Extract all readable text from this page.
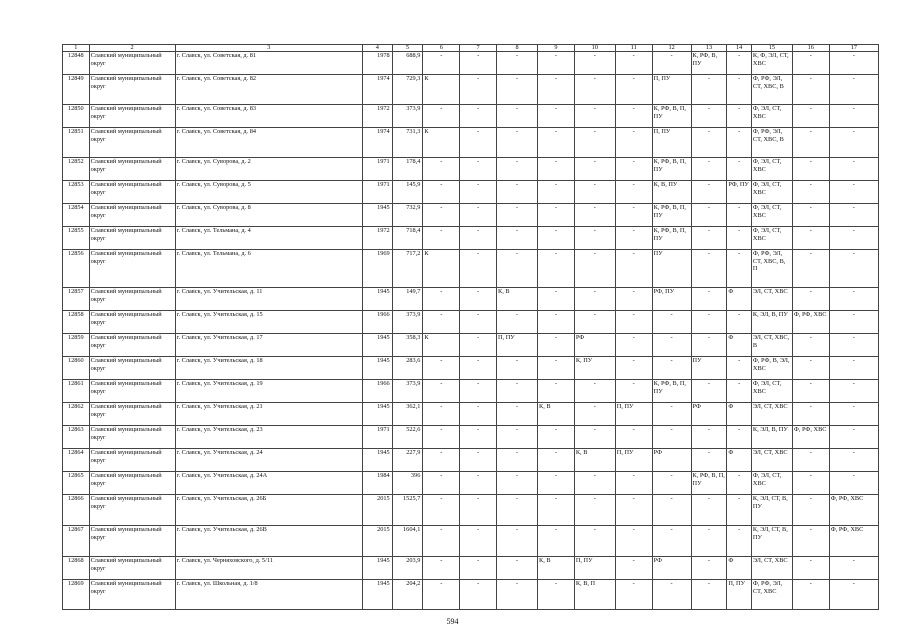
1	2	3	4	5	6	7	8	9	10	11	12	13	14	15	16	17
12848	Славский муниципальный округ	г. Славск, ул. Советская, д. 81	1978	688,9	-	-	-	-	-	-	-	К, РФ, В, ПУ	-	К, Ф, ЭЛ, СТ, ХВС	-	-
12849	Славский муниципальный округ	г. Славск, ул. Советская, д. 82	1974	729,3	К	-	-	-	-	-	П, ПУ	-	-	Ф, РФ, ЭЛ, СТ, ХВС, В	-	-
12850	Славский муниципальный округ	г. Славск, ул. Советская, д. 83	1972	373,9	-	-	-	-	-	-	К, РФ, В, П, ПУ	-	-	Ф, ЭЛ, СТ, ХВС	-	-
12851	Славский муниципальный округ	г. Славск, ул. Советская, д. 84	1974	731,3	К	-	-	-	-	-	П, ПУ	-	-	Ф, РФ, ЭЛ, СТ, ХВС, В	-	-
12852	Славский муниципальный округ	г. Славск, ул. Суворова, д. 2	1971	178,4	-	-	-	-	-	-	К, РФ, В, П, ПУ	-	-	Ф, ЭЛ, СТ, ХВС	-	-
12853	Славский муниципальный округ	г. Славск, ул. Суворова, д. 5	1971	145,9	-	-	-	-	-	-	К, В, ПУ	-	РФ, ПУ	Ф, ЭЛ, СТ, ХВС	-	-
12854	Славский муниципальный округ	г. Славск, ул. Суворова, д. 8	1945	732,9	-	-	-	-	-	-	К, РФ, В, П, ПУ	-	-	Ф, ЭЛ, СТ, ХВС	-	-
12855	Славский муниципальный округ	г. Славск, ул. Тельмана, д. 4	1972	718,4	-	-	-	-	-	-	К, РФ, В, П, ПУ	-	-	Ф, ЭЛ, СТ, ХВС	-	-
12856	Славский муниципальный округ	г. Славск, ул. Тельмана, д. 6	1969	717,2	К	-	-	-	-	-	ПУ	-	-	Ф, РФ, ЭЛ, СТ, ХВС, В, П	-	-
12857	Славский муниципальный округ	г. Славск, ул. Учительская, д. 11	1945	149,7	-	-	К, В	-	-	-	РФ, ПУ	-	Ф	ЭЛ, СТ, ХВС	-	-
12858	Славский муниципальный округ	г. Славск, ул. Учительская, д. 15	1966	373,9	-	-	-	-	-	-	-	-	-	К, ЭЛ, В, ПУ	Ф, РФ, ХВС	-
12859	Славский муниципальный округ	г. Славск, ул. Учительская, д. 17	1945	358,3	К	-	П, ПУ	-	РФ	-	-	-	Ф	ЭЛ, СТ, ХВС, В	-	-
12860	Славский муниципальный округ	г. Славск, ул. Учительская, д. 18	1945	283,6	-	-	-	-	К, ПУ	-	-	ПУ	-	Ф, РФ, В, ЭЛ, ХВС	-	-
12861	Славский муниципальный округ	г. Славск, ул. Учительская, д. 19	1966	373,9	-	-	-	-	-	-	К, РФ, В, П, ПУ	-	-	Ф, ЭЛ, СТ, ХВС	-	-
12862	Славский муниципальный округ	г. Славск, ул. Учительская, д. 21	1945	362,1	-	-	-	К, В	-	П, ПУ	-	РФ	Ф	ЭЛ, СТ, ХВС	-	-
12863	Славский муниципальный округ	г. Славск, ул. Учительская, д. 23	1971	522,6	-	-	-	-	-	-	-	-	-	К, ЭЛ, В, ПУ	Ф, РФ, ХВС	-
12864	Славский муниципальный округ	г. Славск, ул. Учительская, д. 24	1945	227,9	-	-	-	-	К, В	П, ПУ	РФ	-	Ф	ЭЛ, СТ, ХВС	-	-
12865	Славский муниципальный округ	г. Славск, ул. Учительская, д. 24А	1984	396	-	-	-	-	-	-	-	К, РФ, В, П, ПУ	-	Ф, ЭЛ, СТ, ХВС	-	-
12866	Славский муниципальный округ	г. Славск, ул. Учительская, д. 26Б	2015	1525,7	-	-	-	-	-	-	-	-	-	К, ЭЛ, СТ, В, ПУ	-	Ф, РФ, ХВС
12867	Славский муниципальный округ	г. Славск, ул. Учительская, д. 26В	2015	1604,1	-	-	-	-	-	-	-	-	-	К, ЭЛ, СТ, В, ПУ	-	Ф, РФ, ХВС
12868	Славский муниципальный округ	г. Славск, ул. Черняховского, д. 5/11	1945	203,9	-	-	-	К, В	П, ПУ	-	РФ	-	Ф	ЭЛ, СТ, ХВС	-	-
12869	Славский муниципальный округ	г. Славск, ул. Школьная, д. 1/8	1945	204,2	-	-	-	-	К, В, П	-	-	-	П, ПУ	Ф, РФ, ЭЛ, СТ, ХВС	-	-
594
